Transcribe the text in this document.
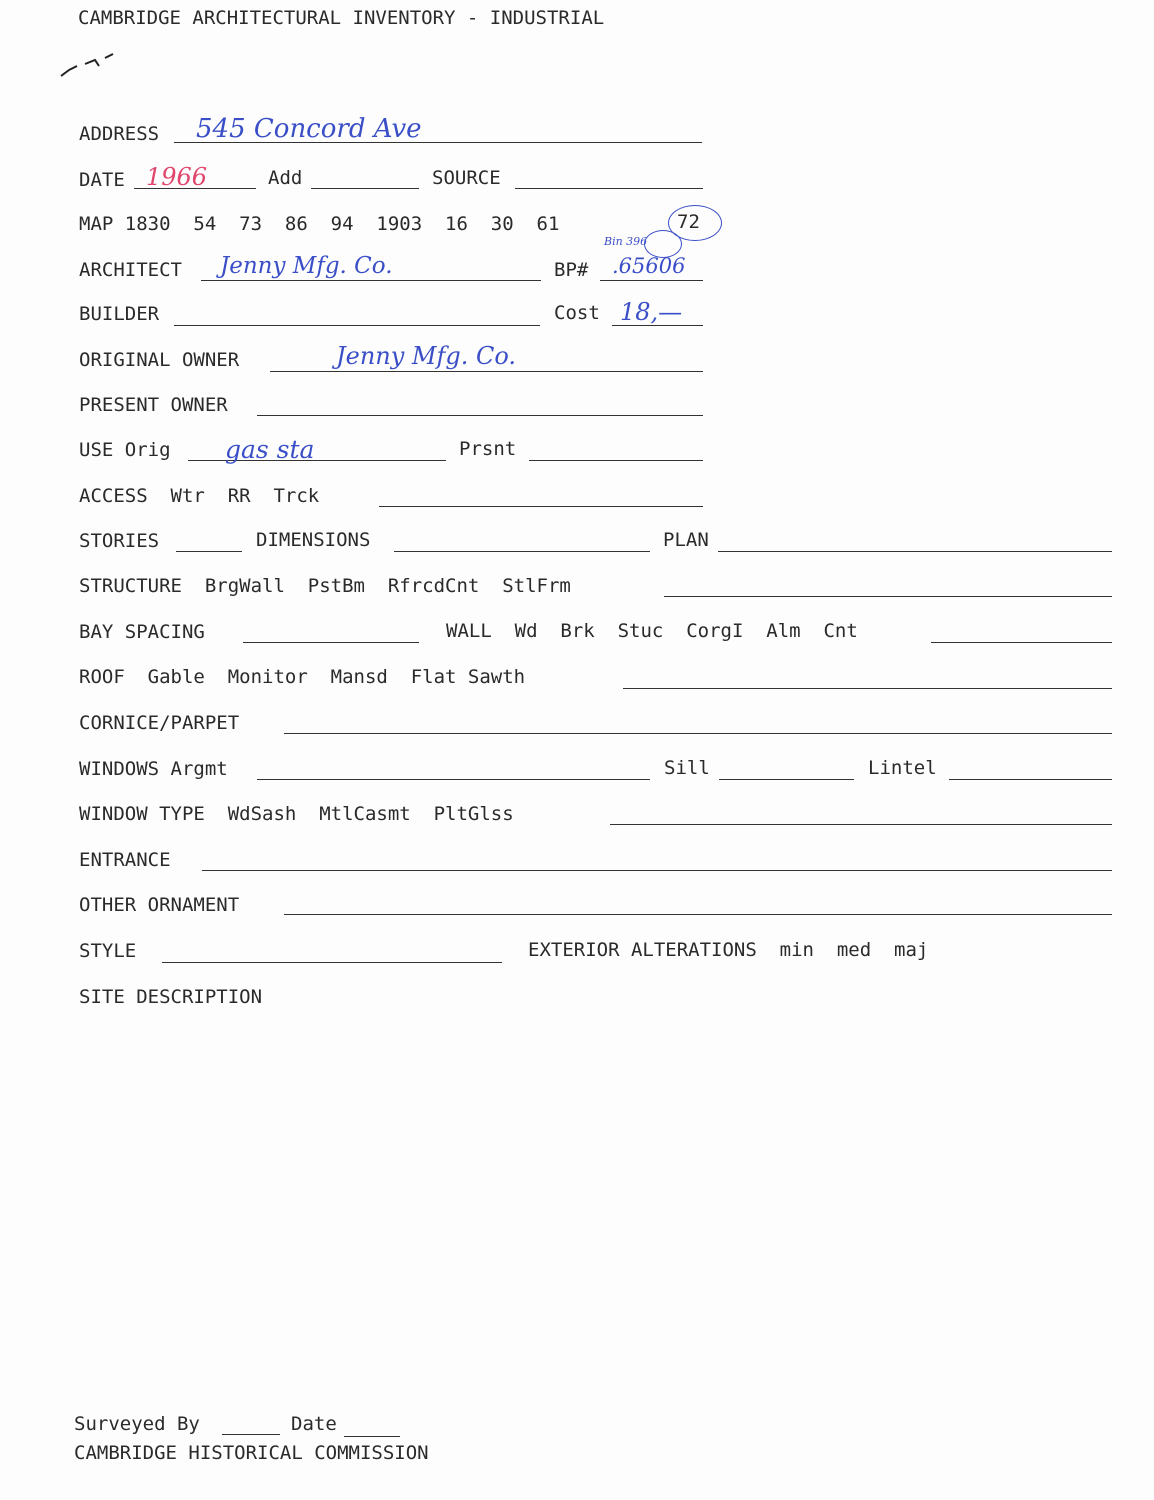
CAMBRIDGE ARCHITECTURAL INVENTORY - INDUSTRIAL
ADDRESS 545 Concord Ave
DATE 1966	Add	SOURCE
MAP 1830  54  73  86  94  1903  16  30  61	72
ARCHITECT Jenny Mfg. Co.	BP# .65606
Bin 396
BUILDER	Cost 18,—
ORIGINAL OWNER	Jenny Mfg. Co.
PRESENT OWNER
USE Orig gas sta	Prsnt
ACCESS  Wtr  RR  Trck
STORIES	DIMENSIONS	PLAN
STRUCTURE  BrgWall  PstBm  RfrcdCnt  StlFrm
BAY SPACING	WALL  Wd  Brk  Stuc  CorgI  Alm  Cnt
ROOF  Gable  Monitor  Mansd  Flat Sawth
CORNICE/PARPET
WINDOWS Argmt	Sill	Lintel
WINDOW TYPE  WdSash  MtlCasmt  PltGlss
ENTRANCE
OTHER ORNAMENT
STYLE	EXTERIOR ALTERATIONS  min  med  maj
SITE DESCRIPTION
Surveyed By	Date
CAMBRIDGE HISTORICAL COMMISSION
